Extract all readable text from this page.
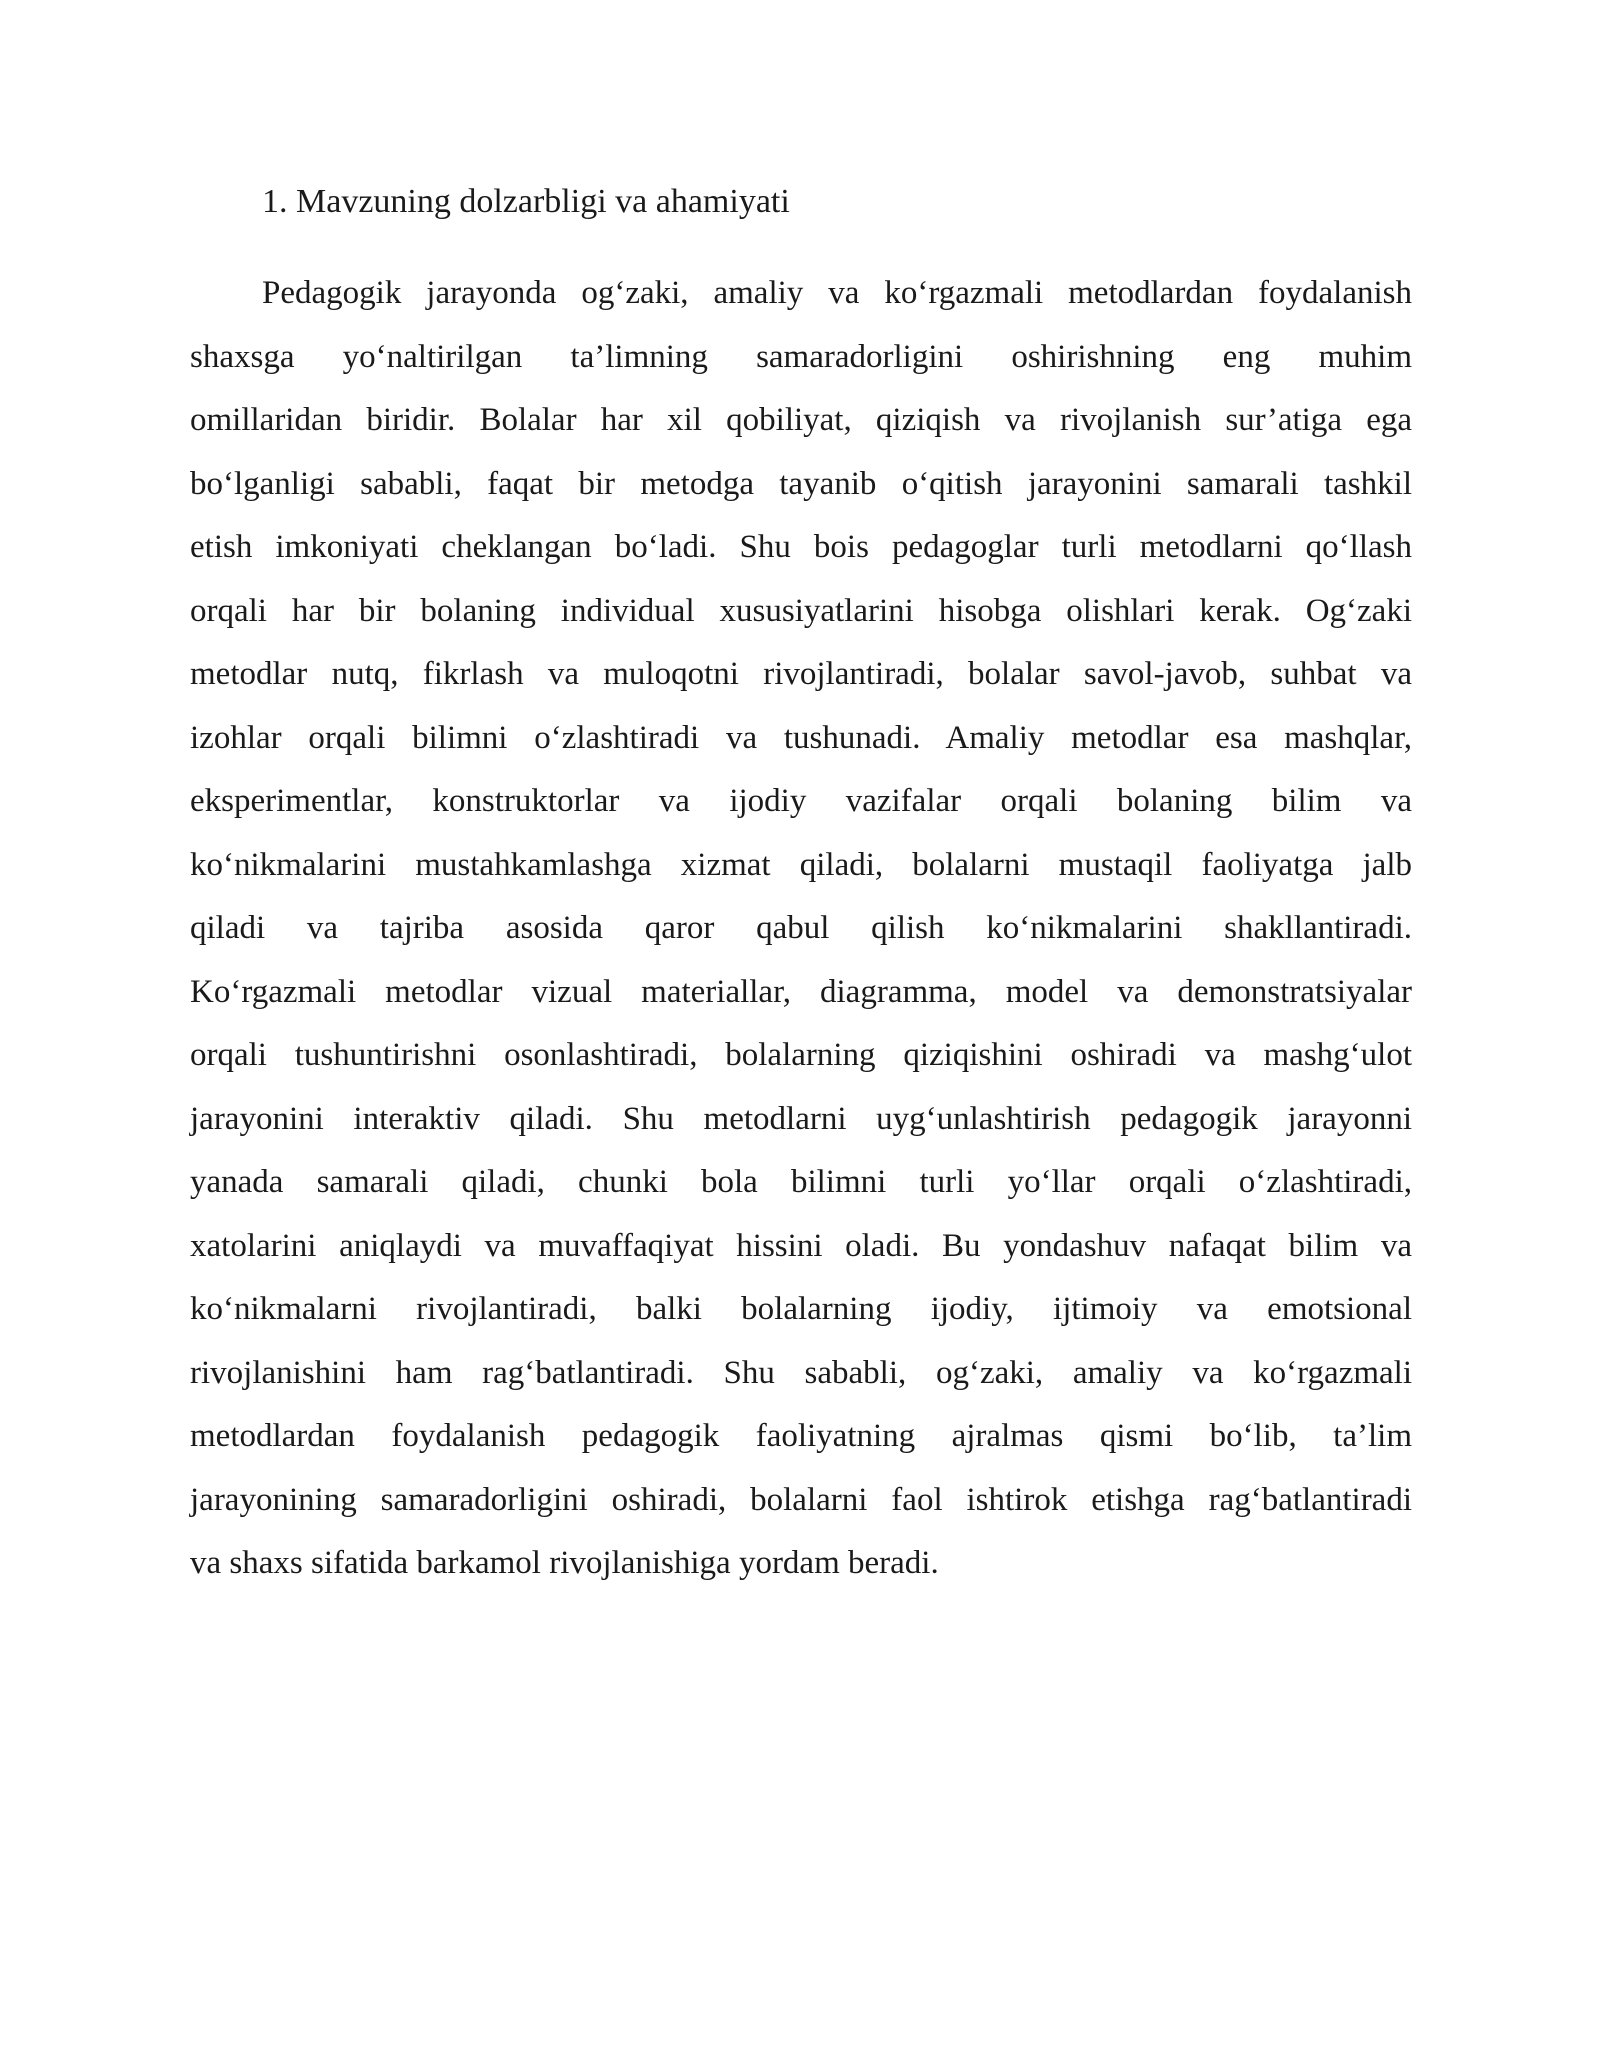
1. Mavzuning dolzarbligi va ahamiyati
Pedagogik jarayonda og‘zaki, amaliy va ko‘rgazmali metodlardan foydalanish
shaxsga yo‘naltirilgan ta’limning samaradorligini oshirishning eng muhim
omillaridan biridir. Bolalar har xil qobiliyat, qiziqish va rivojlanish sur’atiga ega
bo‘lganligi sababli, faqat bir metodga tayanib o‘qitish jarayonini samarali tashkil
etish imkoniyati cheklangan bo‘ladi. Shu bois pedagoglar turli metodlarni qo‘llash
orqali har bir bolaning individual xususiyatlarini hisobga olishlari kerak. Og‘zaki
metodlar nutq, fikrlash va muloqotni rivojlantiradi, bolalar savol-javob, suhbat va
izohlar orqali bilimni o‘zlashtiradi va tushunadi. Amaliy metodlar esa mashqlar,
eksperimentlar, konstruktorlar va ijodiy vazifalar orqali bolaning bilim va
ko‘nikmalarini mustahkamlashga xizmat qiladi, bolalarni mustaqil faoliyatga jalb
qiladi va tajriba asosida qaror qabul qilish ko‘nikmalarini shakllantiradi.
Ko‘rgazmali metodlar vizual materiallar, diagramma, model va demonstratsiyalar
orqali tushuntirishni osonlashtiradi, bolalarning qiziqishini oshiradi va mashg‘ulot
jarayonini interaktiv qiladi. Shu metodlarni uyg‘unlashtirish pedagogik jarayonni
yanada samarali qiladi, chunki bola bilimni turli yo‘llar orqali o‘zlashtiradi,
xatolarini aniqlaydi va muvaffaqiyat hissini oladi. Bu yondashuv nafaqat bilim va
ko‘nikmalarni rivojlantiradi, balki bolalarning ijodiy, ijtimoiy va emotsional
rivojlanishini ham rag‘batlantiradi. Shu sababli, og‘zaki, amaliy va ko‘rgazmali
metodlardan foydalanish pedagogik faoliyatning ajralmas qismi bo‘lib, ta’lim
jarayonining samaradorligini oshiradi, bolalarni faol ishtirok etishga rag‘batlantiradi
va shaxs sifatida barkamol rivojlanishiga yordam beradi.
